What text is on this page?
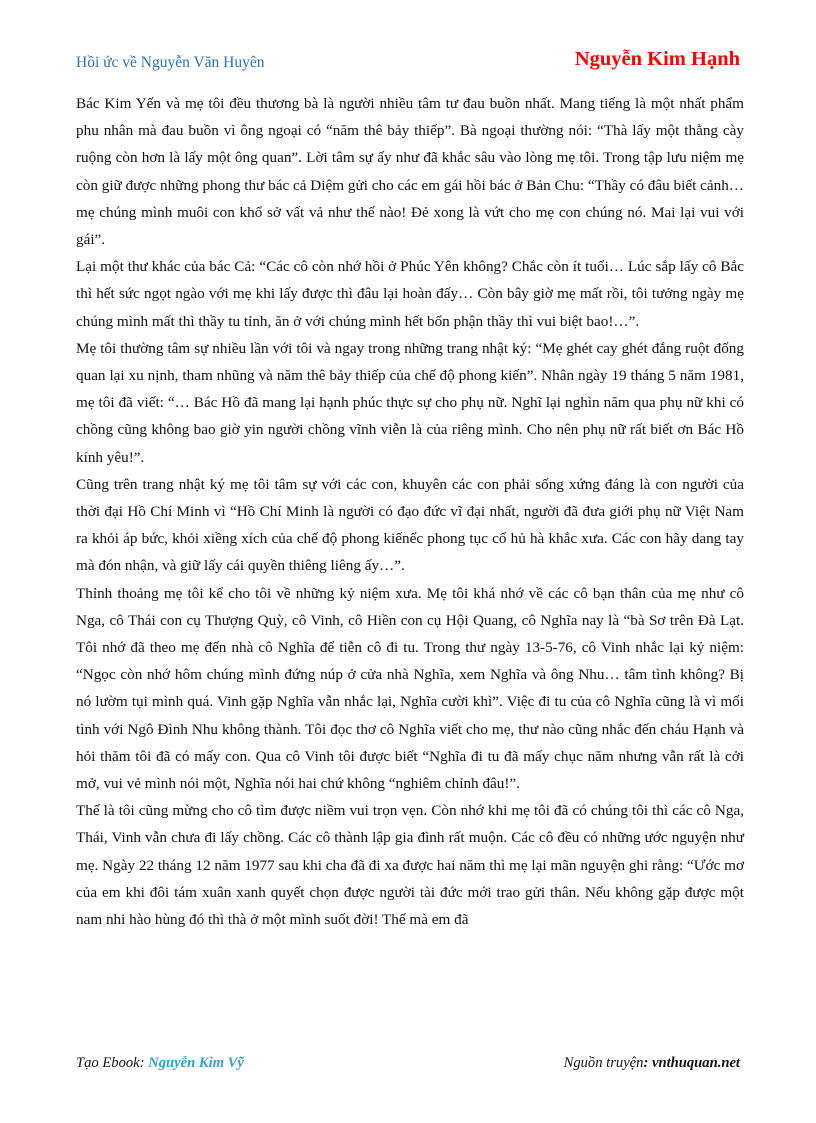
Hồi ức về Nguyễn Văn Huyên	Nguyễn Kim Hạnh

Bác Kim Yến và mẹ tôi đều thương bà là người nhiều tâm tư đau buồn nhất. Mang tiếng là một nhất phẩm phu nhân mà đau buồn vì ông ngoại có “năm thê bảy thiếp”. Bà ngoại thường nói: “Thà lấy một thằng cày ruộng còn hơn là lấy một ông quan”. Lời tâm sự ấy như đã khắc sâu vào lòng mẹ tôi. Trong tập lưu niệm mẹ còn giữ được những phong thư bác cả Diệm gửi cho các em gái hồi bác ở Bản Chu: “Thầy có đâu biết cảnh… mẹ chúng mình muôi con khổ sở vất vả như thế nào! Đẻ xong là vứt cho mẹ con chúng nó. Mai lại vui với gái”.

Lại một thư khác của bác Cả: “Các cô còn nhớ hồi ở Phúc Yên không? Chắc còn ít tuổi… Lúc sắp lấy cô Bắc thì hết sức ngọt ngào với mẹ khi lấy được thì đâu lại hoàn đấy… Còn bây giờ mẹ mất rồi, tôi tưởng ngày mẹ chúng mình mất thì thầy tu tỉnh, ăn ở với chúng mình hết bổn phận thầy thì vui biệt bao!…”.

Mẹ tôi thường tâm sự nhiều lần với tôi và ngay trong những trang nhật ký: “Mẹ ghét cay ghét đắng ruột đống quan lại xu nịnh, tham nhũng và năm thê bảy thiếp của chế độ phong kiến”. Nhân ngày 19 tháng 5 năm 1981, mẹ tôi đã viết: “… Bác Hồ đã mang lại hạnh phúc thực sự cho phụ nữ. Nghĩ lại nghìn năm qua phụ nữ khi có chồng cũng không bao giờ yin người chồng vĩnh viễn là của riêng mình. Cho nên phụ nữ rất biết ơn Bác Hồ kính yêu!”.

Cũng trên trang nhật ký mẹ tôi tâm sự với các con, khuyên các con phải sống xứng đáng là con người của thời đại Hồ Chí Minh vì “Hồ Chí Minh là người có đạo đức vĩ đại nhất, người đã đưa giới phụ nữ Việt Nam ra khỏi áp bức, khỏi xiềng xích của chế độ phong kiếnếc phong tục cổ hủ hà khắc xưa. Các con hãy dang tay mà đón nhận, và giữ lấy cái quyền thiêng liêng ấy…”.

Thỉnh thoảng mẹ tôi kể cho tôi về những kỷ niệm xưa. Mẹ tôi khá nhớ về các cô bạn thân của mẹ như cô Nga, cô Thái con cụ Thượng Quỳ, cô Vinh, cô Hiền con cụ Hội Quang, cô Nghĩa nay là “bà Sơ trên Đà Lạt. Tôi nhớ đã theo mẹ đến nhà cô Nghĩa để tiễn cô đi tu. Trong thư ngày 13-5-76, cô Vinh nhắc lại kỷ niệm: “Ngọc còn nhớ hôm chúng mình đứng núp ở cửa nhà Nghĩa, xem Nghĩa và ông Nhu… tâm tình không? Bị nó lườm tụi mình quá. Vinh gặp Nghĩa vẫn nhắc lại, Nghĩa cười khì”. Việc đi tu của cô Nghĩa cũng là vì mối tình với Ngô Đình Nhu không thành. Tôi đọc thơ cô Nghĩa viết cho mẹ, thư nào cũng nhắc đến cháu Hạnh và hỏi thăm tôi đã có mấy con. Qua cô Vinh tôi được biết “Nghĩa đi tu đã mấy chục năm nhưng vẫn rất là cởi mở, vui vẻ mình nói một, Nghĩa nói hai chứ không “nghiêm chỉnh đâu!”.

Thế là tôi cũng mừng cho cô tìm được niềm vui trọn vẹn. Còn nhớ khi mẹ tôi đã có chúng tôi thì các cô Nga, Thái, Vinh vẫn chưa đi lấy chồng. Các cô thành lập gia đình rất muộn. Các cô đều có những ước nguyện như mẹ. Ngày 22 tháng 12 năm 1977 sau khi cha đã đi xa được hai năm thì mẹ lại mãn nguyện ghi rằng: “Ước mơ của em khi đôi tám xuân xanh quyết chọn được người tài đức mới trao gửi thân. Nếu không gặp được một nam nhi hào hùng đó thì thà ở một mình suốt đời! Thế mà em đã

Tạo Ebook: Nguyễn Kim Vỹ	Nguồn truyện: vnthuquan.net
